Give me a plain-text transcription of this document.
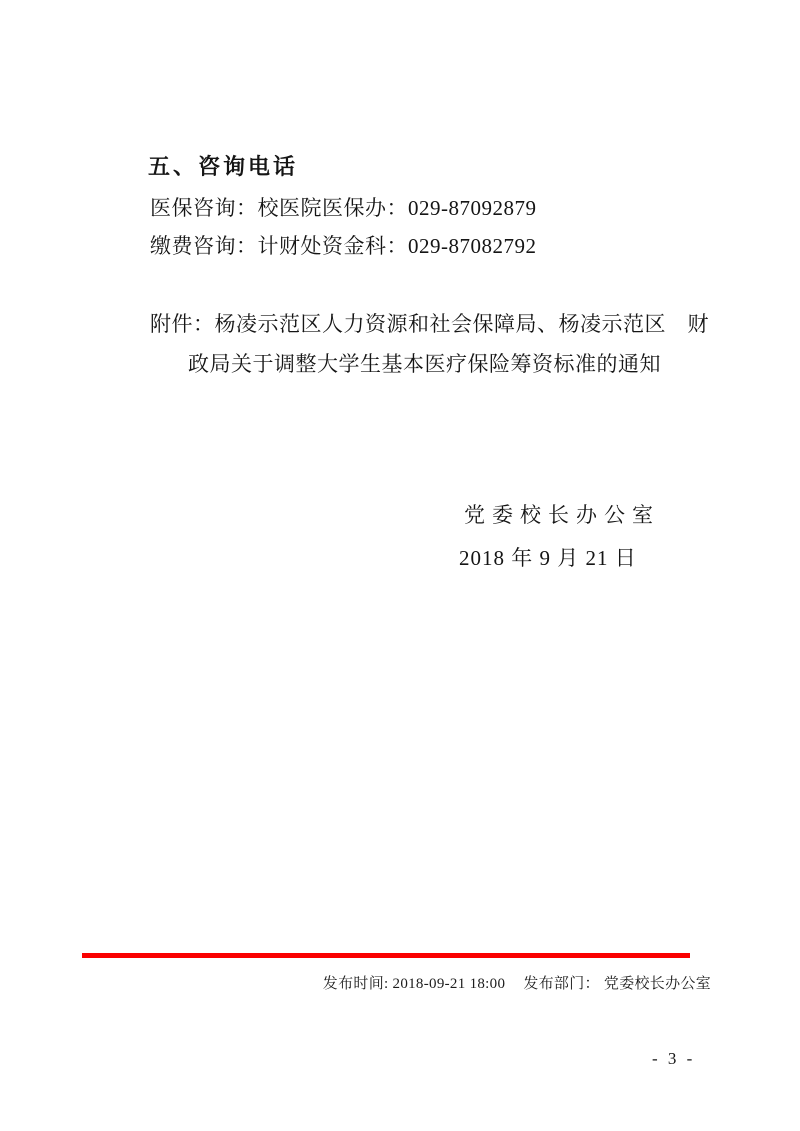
五、咨询电话
医保咨询：校医院医保办：029-87092879
缴费咨询：计财处资金科：029-87082792
附件：杨凌示范区人力资源和社会保障局、杨凌示范区　财
政局关于调整大学生基本医疗保险筹资标准的通知
党委校长办公室
2018 年 9 月 21 日
发布时间: 2018-09-21 18:00 发布部门： 党委校长办公室
- 3 -
